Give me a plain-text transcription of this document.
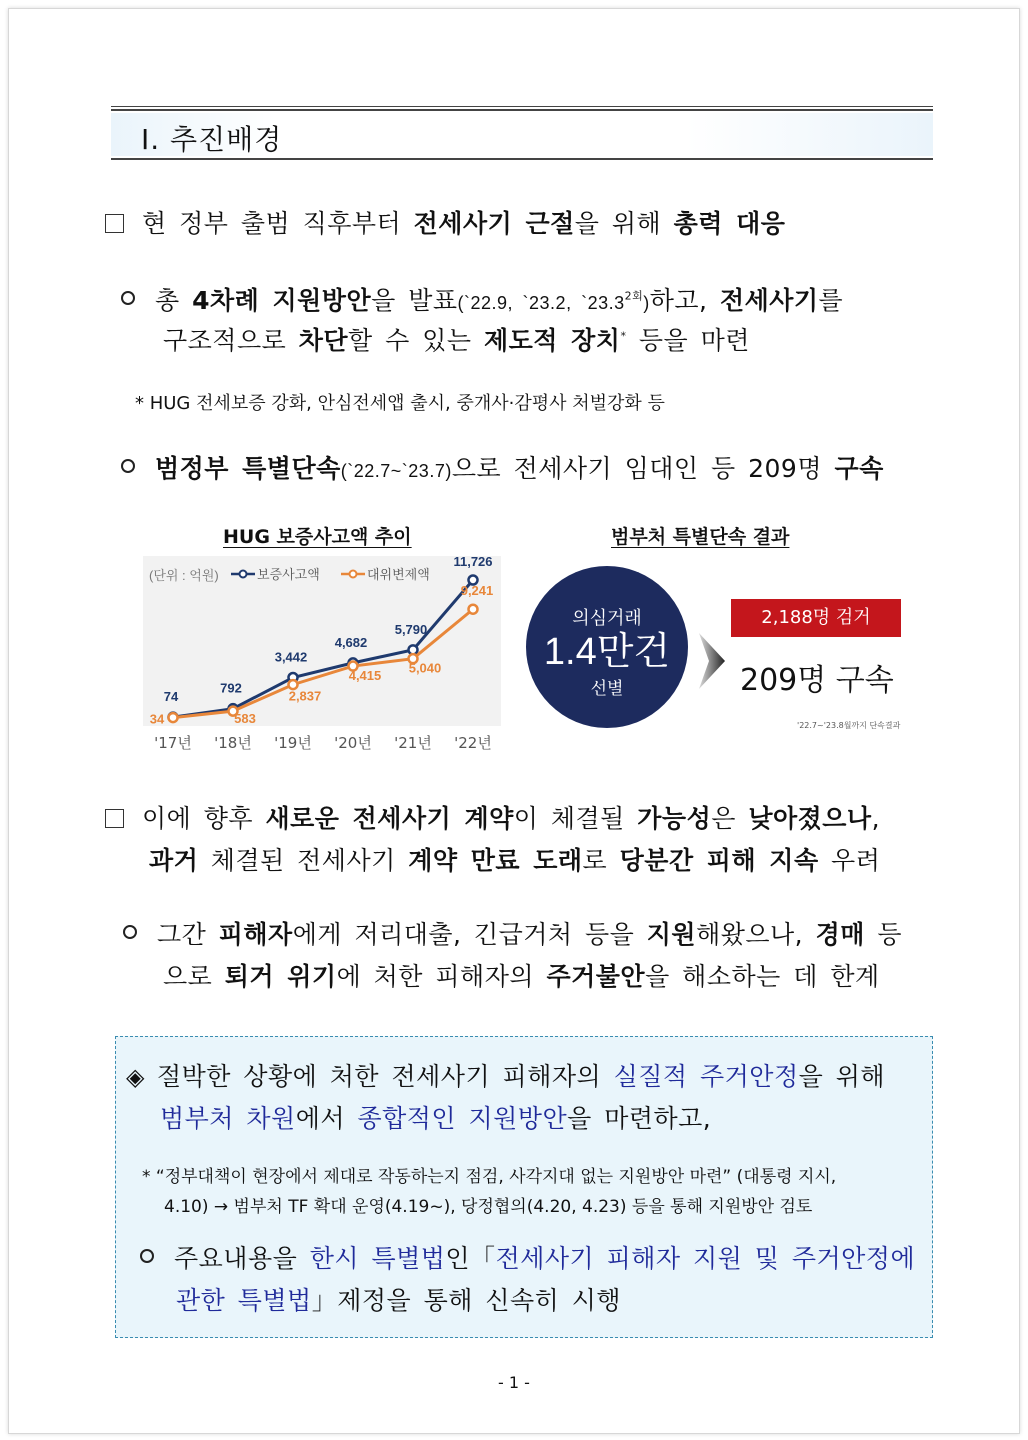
Ⅰ. 추진배경
현 정부 출범 직후부터 전세사기 근절을 위해 총력 대응
총 4차례 지원방안을 발표(`22.9, `23.2, $`23.3^{2회}$)하고, 전세사기를
구조적으로 차단할 수 있는 제도적 장치* 등을 마련
* HUG 전세보증 강화, 안심전세앱 출시, 중개사·감평사 처벌강화 등
범정부 특별단속(`22.7~`23.7)으로 전세사기 임대인 등 209명 구속
HUG 보증사고액 추이	범부처 특별단속 결과
(단위 : 억원)	보증사고액	대위변제액
74
792
3,442
4,682
5,790
11,726
34	583
2,837
4,415 5,040
9,241
'17년 '18년 '19년 '20년 '21년 '22년
의심거래
1.4만건
선별
2,188명 검거
209명 구속
'22.7~'23.8월까지 단속결과
이에 향후 새로운 전세사기 계약이 체결될 가능성은 낮아졌으나,
과거 체결된 전세사기 계약 만료 도래로 당분간 피해 지속 우려
그간 피해자에게 저리대출, 긴급거처 등을 지원해왔으나, 경매 등
으로 퇴거 위기에 처한 피해자의 주거불안을 해소하는 데 한계
◈ 절박한 상황에 처한 전세사기 피해자의 실질적 주거안정을 위해
범부처 차원에서 종합적인 지원방안을 마련하고,
* “정부대책이 현장에서 제대로 작동하는지 점검, 사각지대 없는 지원방안 마련” (대통령 지시,
4.10) → 범부처 TF 확대 운영(4.19~), 당정협의(4.20, 4.23) 등을 통해 지원방안 검토
주요내용을 한시 특별법인「전세사기 피해자 지원 및 주거안정에
관한 특별법」제정을 통해 신속히 시행
- 1 -
